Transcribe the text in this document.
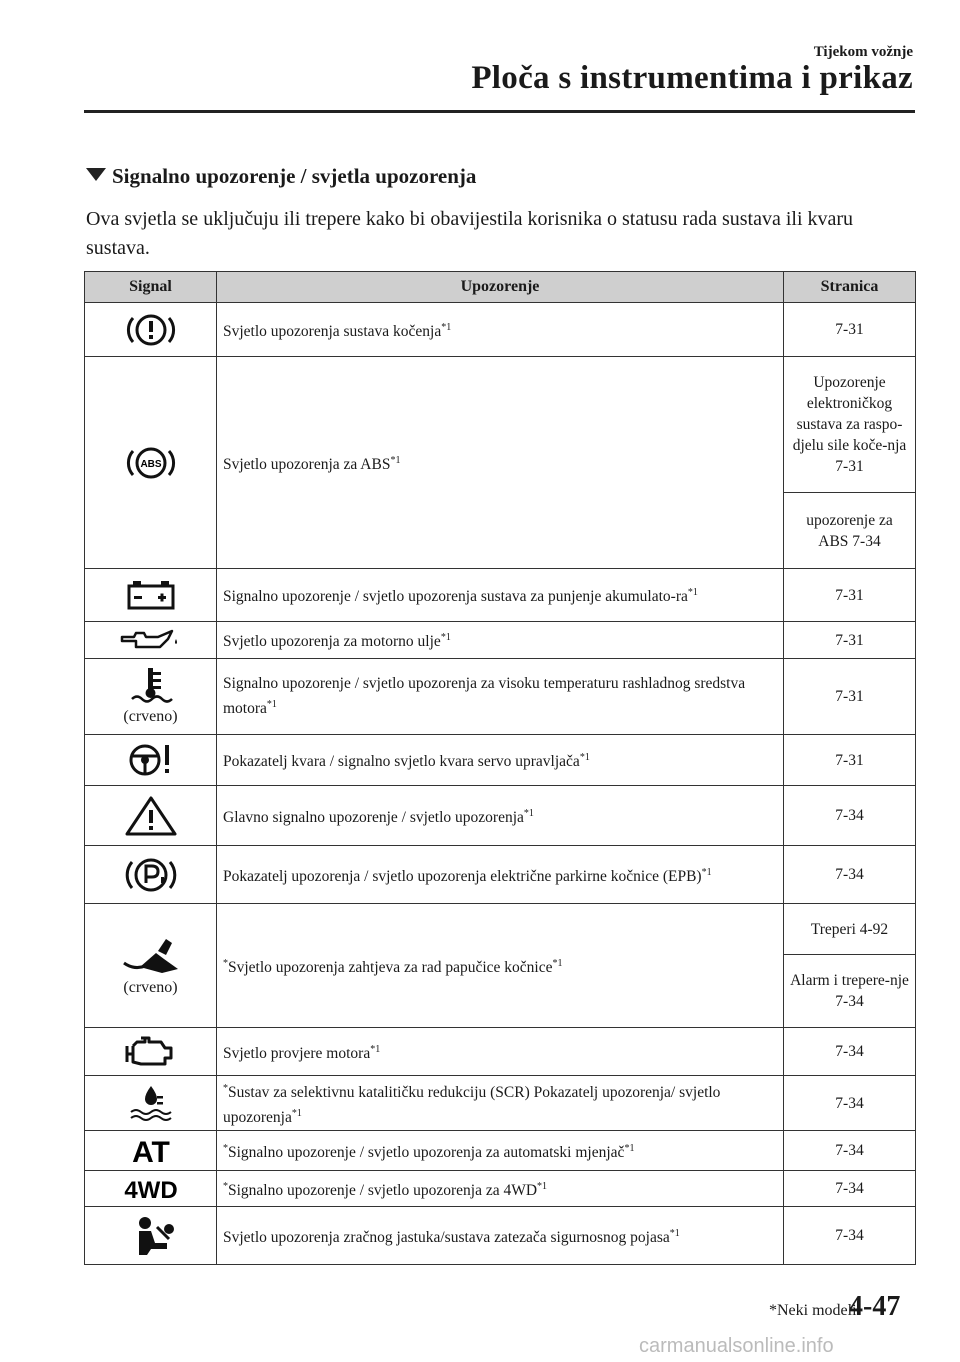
Tijekom vožnje
Ploča s instrumentima i prikaz
Signalno upozorenje / svjetla upozorenja
Ova svjetla se uključuju ili trepere kako bi obavijestila korisnika o statusu rada sustava ili kvaru sustava.
Signal	Upozorenje	Stranica

	Svjetlo upozorenja sustava kočenja$^{*1}$	7-31

ABS	Svjetlo upozorenja za ABS$^{*1}$	Upozorenje elektroničkog sustava za raspo-djelu sile koče-nja 7-31
		upozorenje za ABS 7-34

	Signalno upozorenje / svjetlo upozorenja sustava za punjenje akumulato-$ra^{*1}$	7-31

	Svjetlo upozorenja za motorno ulje$^{*1}$	7-31

(crveno)	Signalno upozorenje / svjetlo upozorenja za visoku temperaturu rashladnog sredstva motora$^{*1}$	7-31

	Pokazatelj kvara / signalno svjetlo kvara servo upravljača$^{*1}$	7-31

	Glavno signalno upozorenje / svjetlo upozorenja$^{*1}$	7-34

	Pokazatelj upozorenja / svjetlo upozorenja električne parkirne kočnice (EPB)$^{*1}$	7-34

(crveno)	*Svjetlo upozorenja zahtjeva za rad papučice kočnice$^{*1}$	Treperi 4-92
		Alarm i trepere-nje 7-34

	Svjetlo provjere motora$^{*1}$	7-34

	*Sustav za selektivnu katalitičku redukciju (SCR) Pokazatelj upozorenja/ svjetlo upozorenja$^{*1}$	7-34

AT	*Signalno upozorenje / svjetlo upozorenja za automatski mjenjač$^{*1}$	7-34

4WD	*Signalno upozorenje / svjetlo upozorenja za 4WD$^{*1}$	7-34

	Svjetlo upozorenja zračnog jastuka/sustava zatezača sigurnosnog pojasa$^{*1}$	7-34
*Neki modeli.
4-47
carmanualsonline.info
